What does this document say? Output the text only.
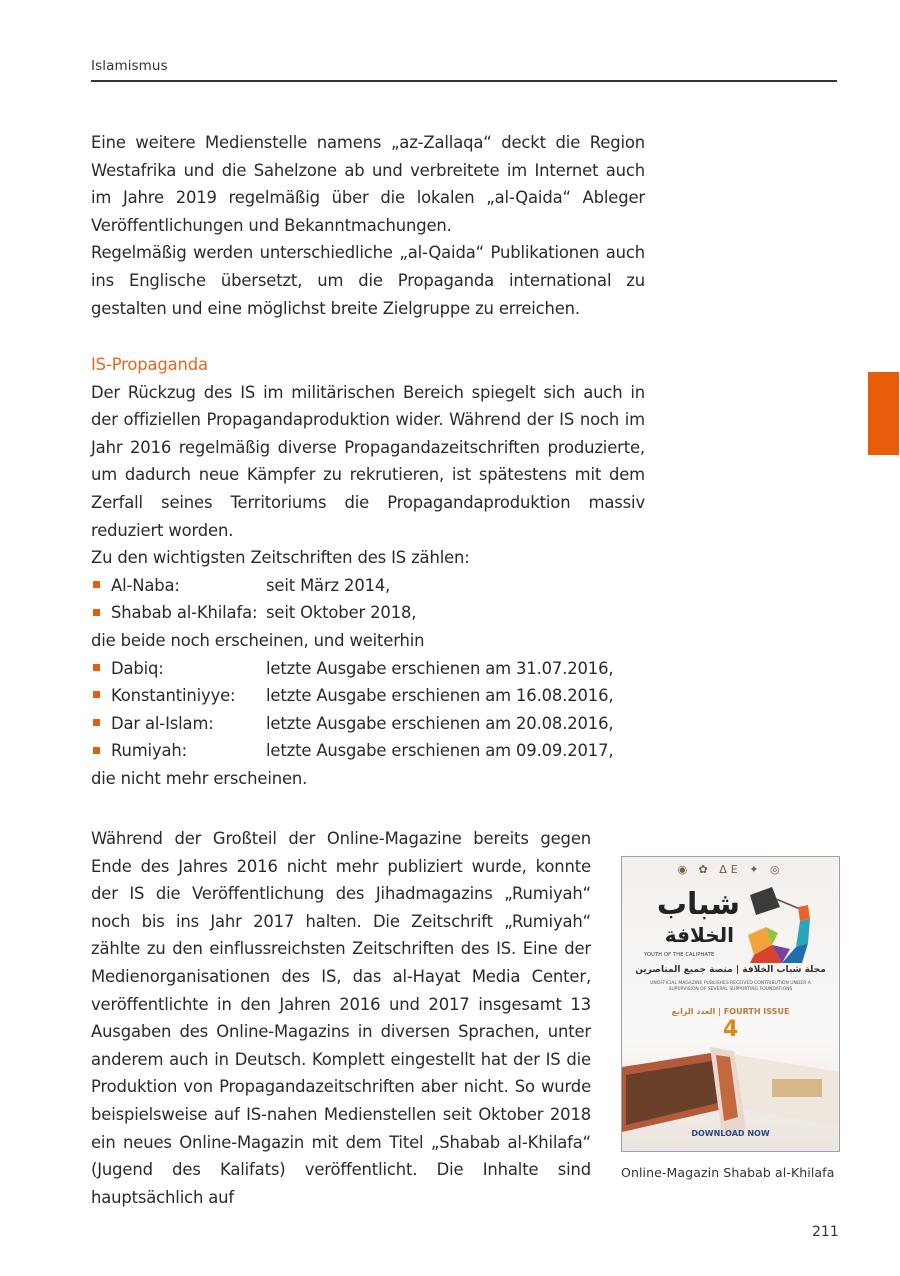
Islamismus

Eine weitere Medienstelle namens „az-Zallaqa“ deckt die Region Westafrika und die Sahelzone ab und verbreitete im Internet auch im Jahre 2019 regelmäßig über die lokalen „al-Qaida“ Ableger Veröffentlichungen und Bekanntmachungen.

Regelmäßig werden unterschiedliche „al-Qaida“ Publikationen auch ins Englische übersetzt, um die Propaganda international zu gestalten und eine möglichst breite Zielgruppe zu erreichen.

IS-Propaganda

Der Rückzug des IS im militärischen Bereich spiegelt sich auch in der offiziellen Propagandaproduktion wider. Während der IS noch im Jahr 2016 regelmäßig diverse Propagandazeitschriften produzierte, um dadurch neue Kämpfer zu rekrutieren, ist spätestens mit dem Zerfall seines Territoriums die Propagandaproduktion massiv reduziert worden.

Zu den wichtigsten Zeitschriften des IS zählen:
Al-Naba:	seit März 2014,
Shabab al-Khilafa: seit Oktober 2018,
die beide noch erscheinen, und weiterhin
Dabiq:	letzte Ausgabe erschienen am 31.07.2016,
Konstantiniyye:	letzte Ausgabe erschienen am 16.08.2016,
Dar al-Islam:	letzte Ausgabe erschienen am 20.08.2016,
Rumiyah:	letzte Ausgabe erschienen am 09.09.2017,
die nicht mehr erscheinen.

Während der Großteil der Online-Magazine bereits gegen Ende des Jahres 2016 nicht mehr publiziert wurde, konnte der IS die Veröffentlichung des Jihadmagazins „Rumiyah“ noch bis ins Jahr 2017 halten. Die Zeitschrift „Rumiyah“ zählte zu den einflussreichsten Zeitschriften des IS. Eine der Medienorganisationen des IS, das al-Hayat Media Center, veröffentlichte in den Jahren 2016 und 2017 insgesamt 13 Ausgaben des Online-Magazins in diversen Sprachen, unter anderem auch in Deutsch. Komplett eingestellt hat der IS die Produktion von Propagandazeitschriften aber nicht. So wurde beispielsweise auf IS-nahen Medienstellen seit Oktober 2018 ein neues Online-Magazin mit dem Titel „Shabab al-Khilafa“ (Jugend des Kalifats) veröffentlicht. Die Inhalte sind hauptsächlich auf

◉ ✿ ΔE ✦ ◎
شباب
الخلافة
YOUTH OF THE CALIPHATE
مجلة شباب الخلافة | منصة جميع المناصرين
UNOFFICIAL MAGAZINE PUBLISHES RECEIVED CONTRIBUTION UNDER A SUPERVISION OF SEVERAL SUPPORTING FOUNDATIONS
العدد الرابع | FOURTH ISSUE
4
DOWNLOAD NOW
Online-Magazin Shabab al-Khilafa
211
